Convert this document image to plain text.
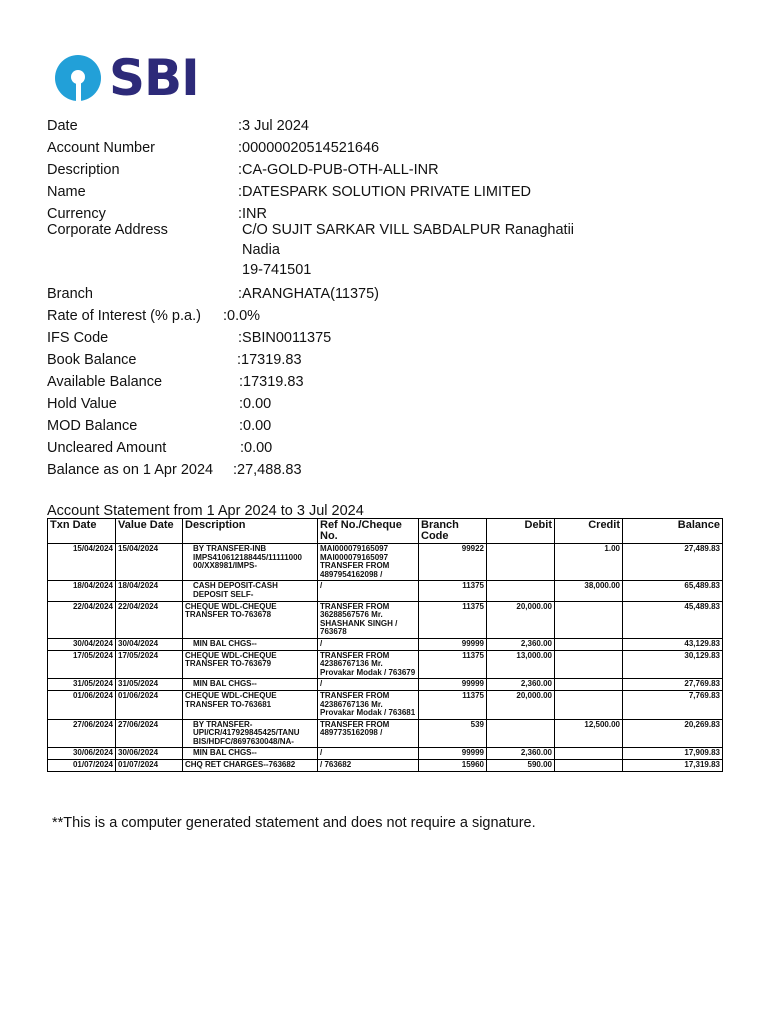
SBI
Date	:3 Jul 2024
Account Number	:00000020514521646
Description	:CA-GOLD-PUB-OTH-ALL-INR
Name	:DATESPARK SOLUTION PRIVATE LIMITED
Currency	:INR
Corporate Address	C/O SUJIT SARKAR VILL SABDALPUR Ranaghatii
Nadia
19-741501
Branch	:ARANGHATA(11375)
Rate of Interest (% p.a.) :0.0%
IFS Code	:SBIN0011375
Book Balance	:17319.83
Available Balance	:17319.83
Hold Value	:0.00
MOD Balance	:0.00
Uncleared Amount	:0.00
Balance as on 1 Apr 2024 :27,488.83
Account Statement from 1 Apr 2024 to 3 Jul 2024
Txn Date	Value Date	Description	Ref No./Cheque No.	Branch Code	Debit	Credit	Balance
15/04/2024	15/04/2024	BY TRANSFER-INB IMPS410612188445/11111000 00/XX8981/IMPS-	MAI000079165097 MAI000079165097 TRANSFER FROM 4897954162098 /	99922		1.00	27,489.83
18/04/2024	18/04/2024	CASH DEPOSIT-CASH DEPOSIT SELF-	/	11375		38,000.00	65,489.83
22/04/2024	22/04/2024	CHEQUE WDL-CHEQUE TRANSFER TO-763678	TRANSFER FROM 36288567576 Mr. SHASHANK SINGH / 763678	11375	20,000.00		45,489.83
30/04/2024	30/04/2024	MIN BAL CHGS--	/	99999	2,360.00		43,129.83
17/05/2024	17/05/2024	CHEQUE WDL-CHEQUE TRANSFER TO-763679	TRANSFER FROM 42386767136 Mr. Provakar Modak / 763679	11375	13,000.00		30,129.83
31/05/2024	31/05/2024	MIN BAL CHGS--	/	99999	2,360.00		27,769.83
01/06/2024	01/06/2024	CHEQUE WDL-CHEQUE TRANSFER TO-763681	TRANSFER FROM 42386767136 Mr. Provakar Modak / 763681	11375	20,000.00		7,769.83
27/06/2024	27/06/2024	BY TRANSFER-UPI/CR/417929845425/TANU BIS/HDFC/8697630048/NA-	TRANSFER FROM 4897735162098 /	539		12,500.00	20,269.83
30/06/2024	30/06/2024	MIN BAL CHGS--	/	99999	2,360.00		17,909.83
01/07/2024	01/07/2024	CHQ RET CHARGES--763682	/ 763682	15960	590.00		17,319.83
**This is a computer generated statement and does not require a signature.
